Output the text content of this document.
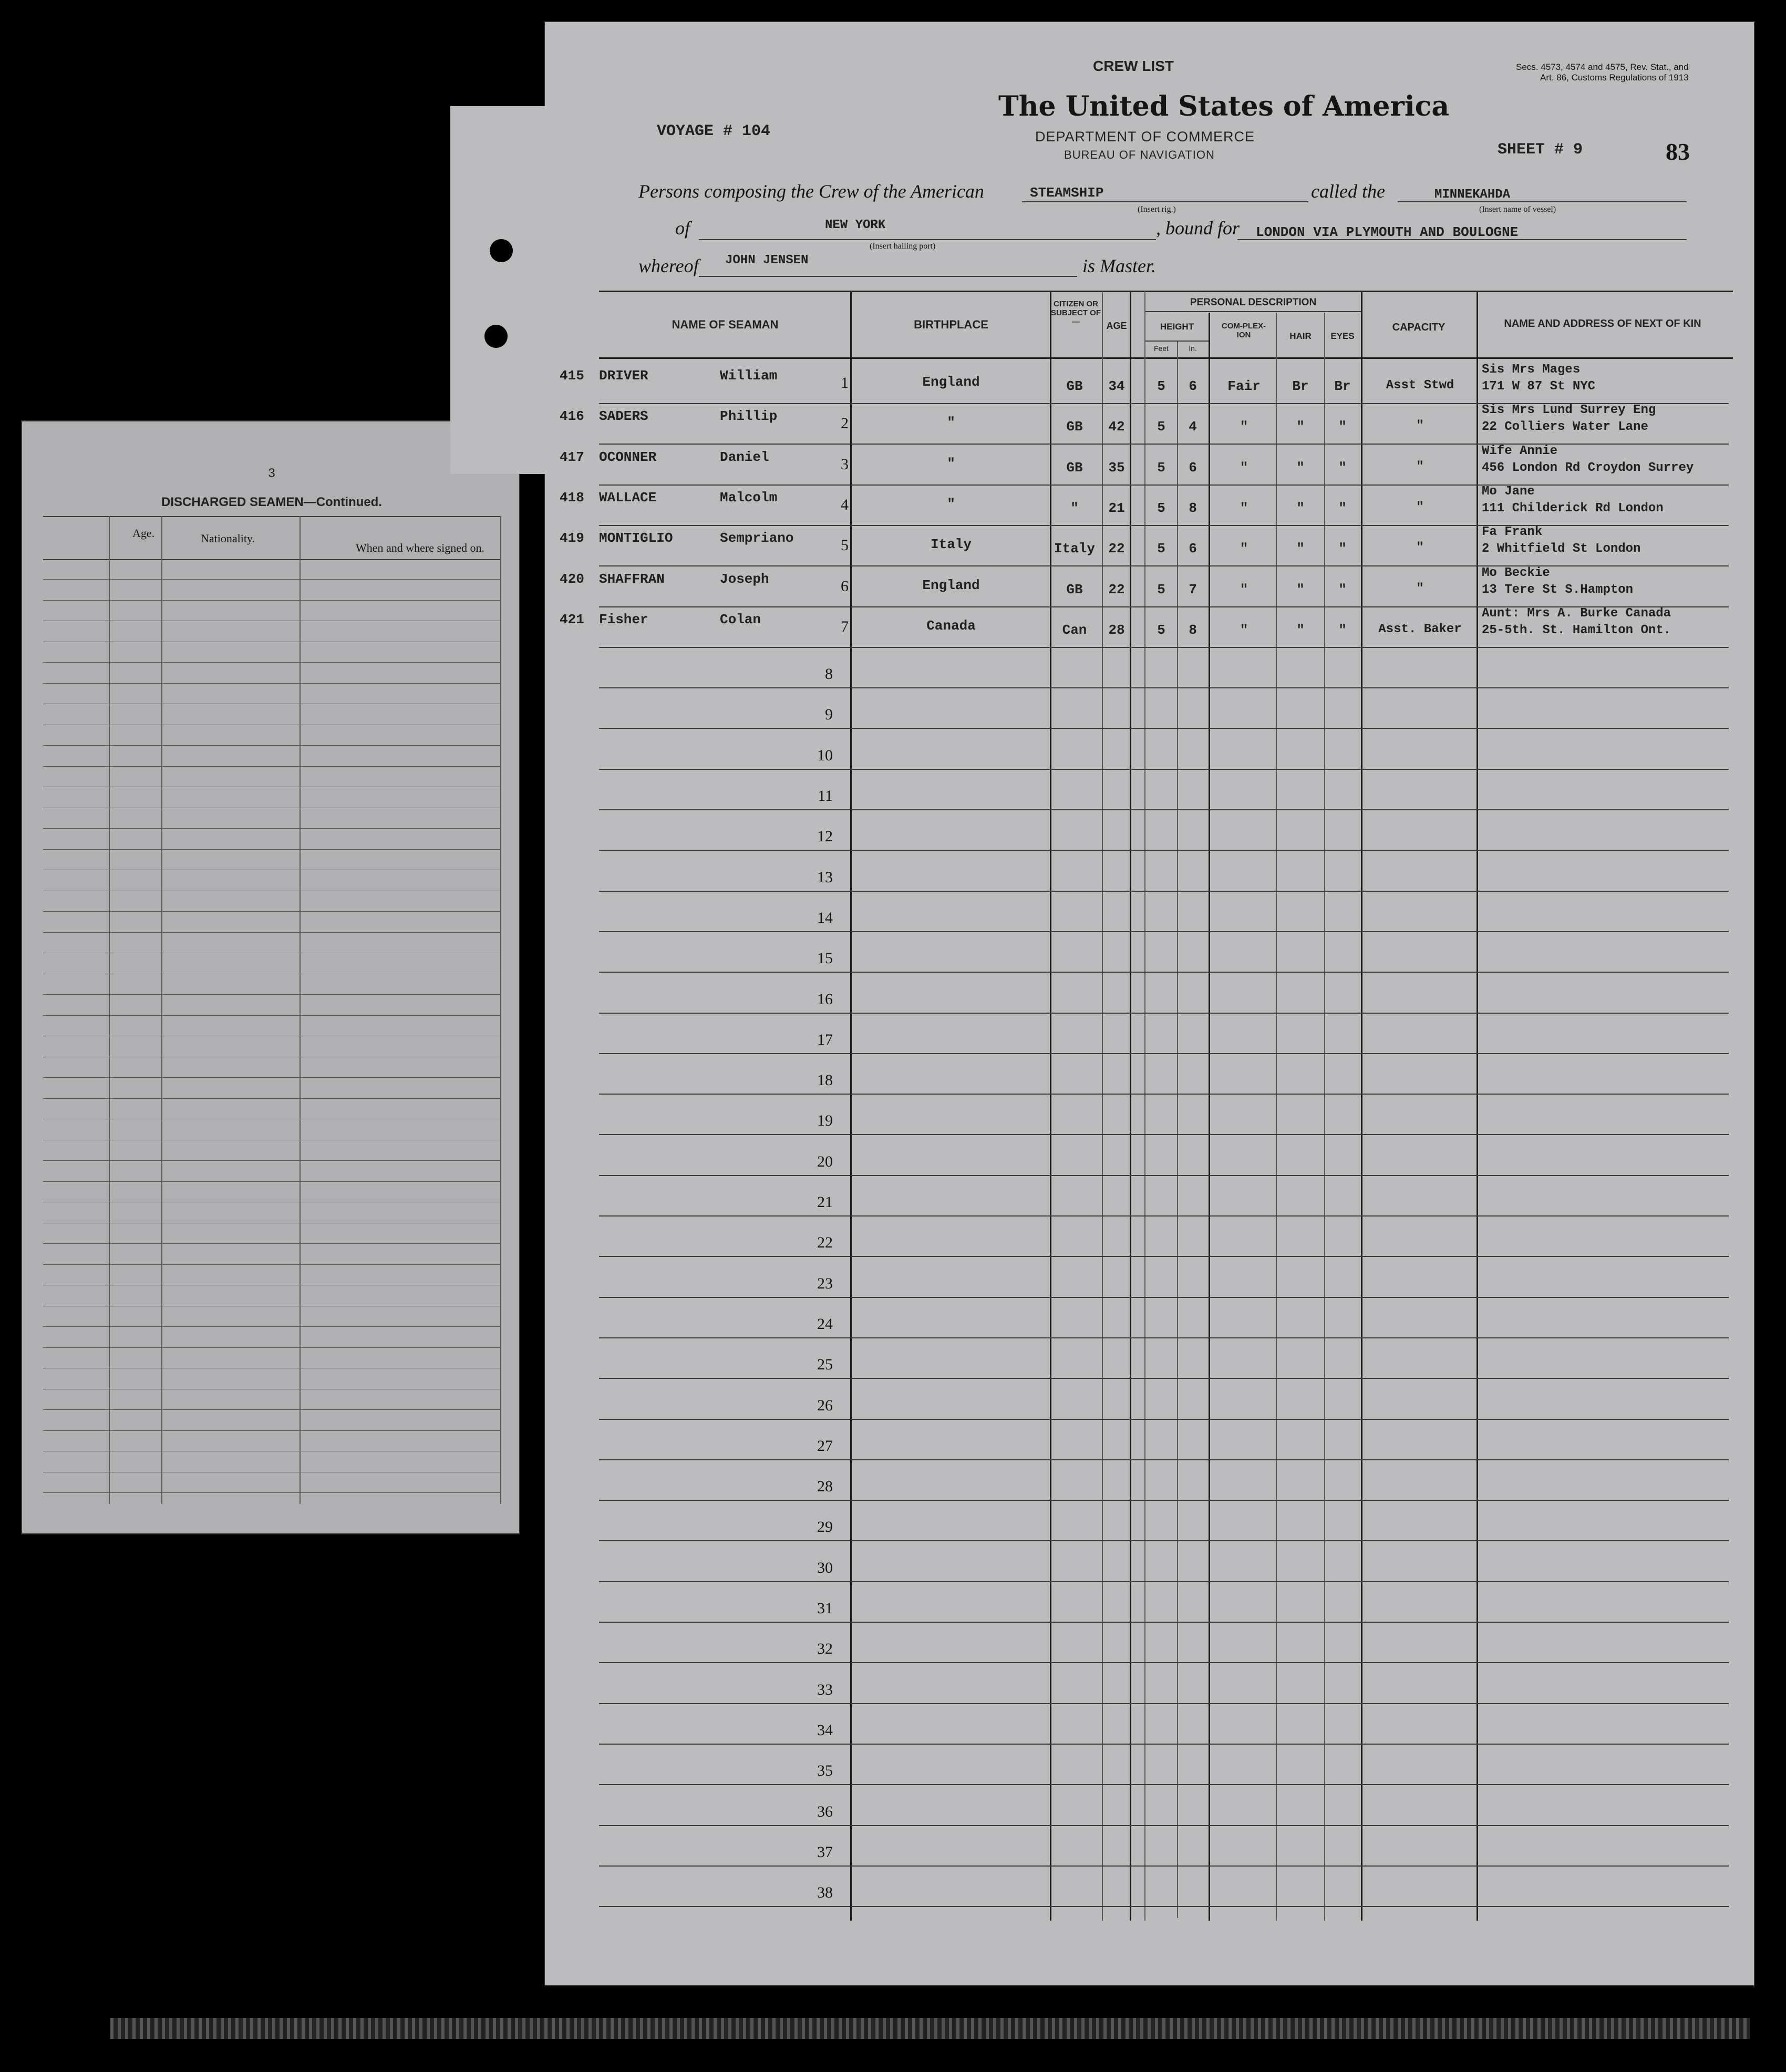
3
DISCHARGED SEAMEN—Continued.
Age.	Nationality.
When and where signed on.
CREW LIST	Secs. 4573, 4574 and 4575, Rev. Stat., and
Art. 86, Customs Regulations of 1913
The United States of America
DEPARTMENT OF COMMERCE
BUREAU OF NAVIGATION
VOYAGE # 104
SHEET # 9	83
Persons composing the Crew of the American	STEAMSHIP
(Insert rig.)
called the	MINNEKAHDA
(Insert name of vessel)
of	NEW YORK
(Insert hailing port)
, bound for LONDON VIA PLYMOUTH AND BOULOGNE
whereof JOHN JENSEN	is Master.
NAME OF SEAMAN	BIRTHPLACE
CITIZEN OR SUBJECT OF—	AGE
PERSONAL DESCRIPTION
HEIGHT
Feet	In.
COM-PLEX-ION	HAIR	EYES
CAPACITY	NAME AND ADDRESS OF NEXT OF KIN
415 DRIVER	William	1	England	GB	34	5	6	Fair	Br	Br	Asst Stwd
Sis Mrs Mages
171 W 87 St NYC
416 SADERS	Phillip	2	"	GB	42	5	4	"	"	"	"
Sis Mrs Lund Surrey Eng
22 Colliers Water Lane
417 OCONNER	Daniel	3	"	GB	35	5	6	"	"	"	"
Wife Annie
456 London Rd Croydon Surrey
418 WALLACE	Malcolm	4	"	"	21	5	8	"	"	"	"
Mo Jane
111 Childerick Rd London
419 MONTIGLIO	Sempriano	5	Italy	Italy 22	5	6	"	"	"	"
Fa Frank
2 Whitfield St London
420 SHAFFRAN	Joseph	6	England	GB	22	5	7	"	"	"	"
Mo Beckie
13 Tere St S.Hampton
421 Fisher	Colan	7	Canada	Can	28	5	8	"	"	"	Asst. Baker
Aunt: Mrs A. Burke Canada
25-5th. St. Hamilton Ont.
8
9
10
11
12
13
14
15
16
17
18
19
20
21
22
23
24
25
26
27
28
29
30
31
32
33
34
35
36
37
38
